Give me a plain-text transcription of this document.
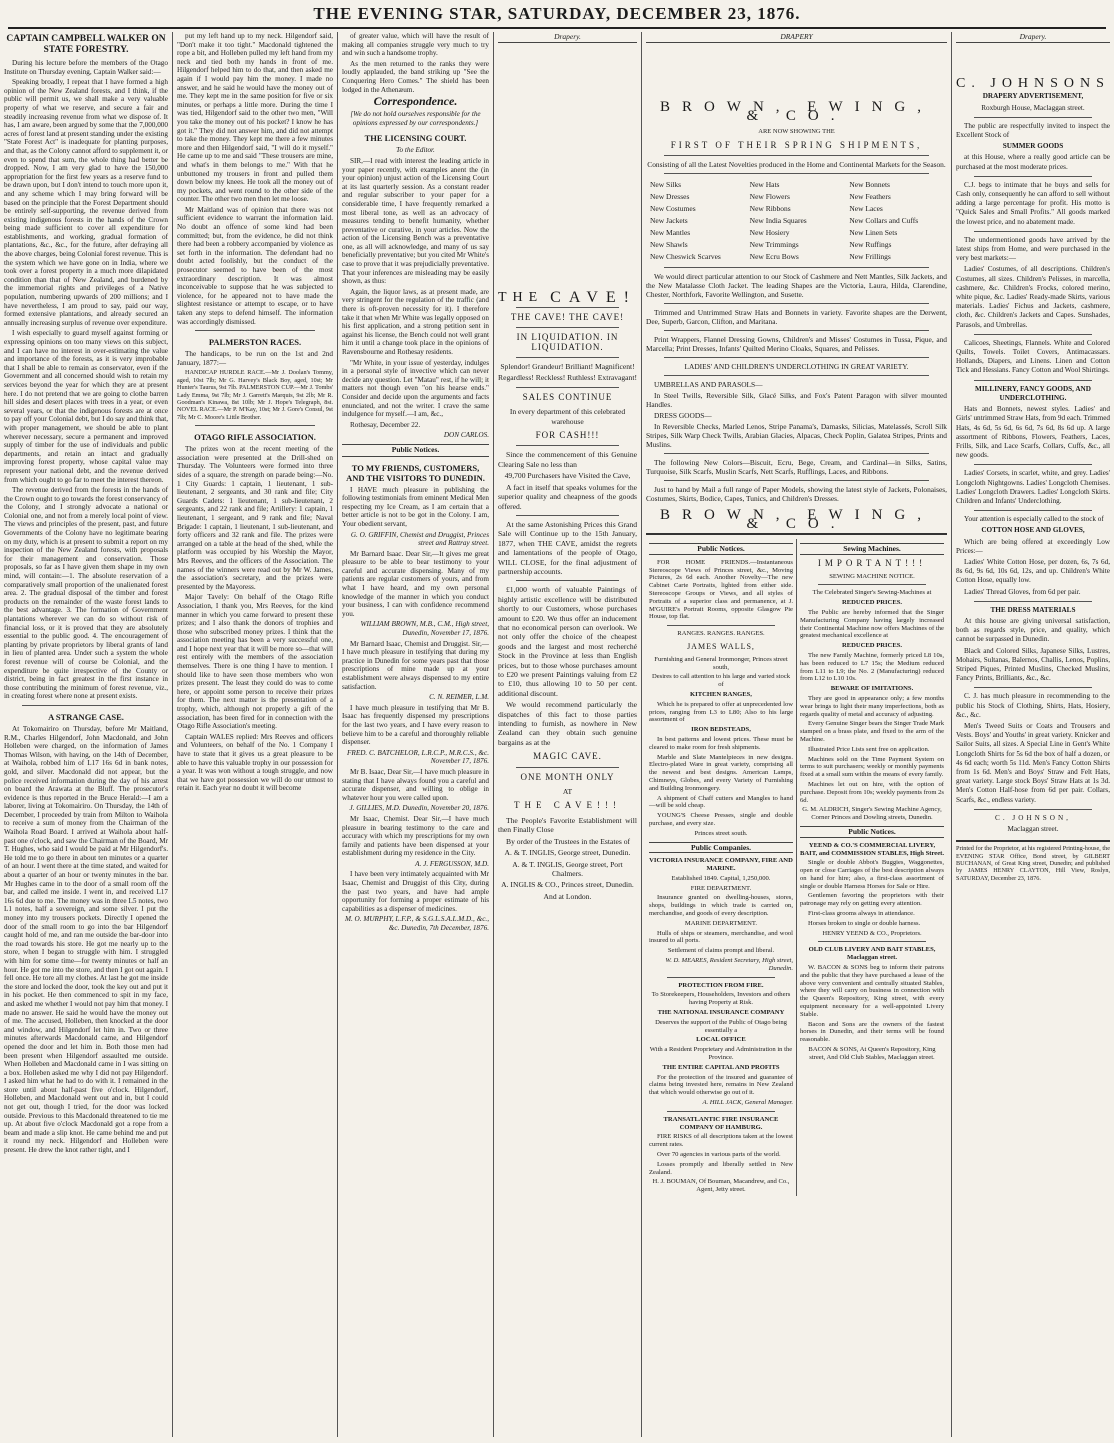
THE EVENING STAR, SATURDAY, DECEMBER 23, 1876.
CAPTAIN CAMPBELL WALKER ON STATE FORESTRY.

During his lecture before the members of the Otago Institute on Thursday evening, Captain Walker said:—

Speaking broadly, I repeat that I have formed a high opinion of the New Zealand forests, and I think, if the public will permit us, we shall make a very valuable property of what we reserve, and secure a fair and steadily increasing revenue from what we dispose of. It has, I am aware, been argued by some that the 7,000,000 acres of forest land at present standing under the existing "State Forest Act" is inadequate for planting purposes, and that, as the Colony cannot afford to supplement it, or even to spend that sum, the whole thing had better be dropped. Now, I am very glad to have the 150,000 appropriation for the first few years as a reserve fund to be drawn upon, but I don't intend to touch more upon it, and any scheme which I may bring forward will be based on the principle that the Forest Department should be entirely self-supporting, the revenue derived from existing indigenous forests in the hands of the Crown being made sufficient to cover all expenditure for establishments, and working, gradual formation of plantations, &c., &c., for the future, after defraying all the above charges, being Colonial forest revenue. This is the system which we have gone on in India, where we took over a forest property in a much more dilapidated condition than that of New Zealand, and burdened by the immemorial rights and privileges of a Native population, numbering upwards of 200 millions; and I have nevertheless, I am proud to say, paid our way, formed extensive plantations, and already secured an annually increasing surplus of revenue over expenditure.

I wish especially to guard myself against forming or expressing opinions on too many views on this subject, and I can have no interest in over-estimating the value and importance of the forests, as it is very improbable that I shall be able to remain as conservator, even if the Government and all concerned should wish to retain my services beyond the year for which they are at present here. I do not pretend that we are going to clothe barren hill sides and desert places with trees in a year, or even several years, or that the indigenous forests are at once to pay off your Colonial debt, but I do say and think that, with proper management, we should be able to plant wherever necessary, secure a permanent and improved supply of timber for the use of individuals and public departments, and retain an intact and gradually improving forest property, whose capital value may represent your national debt, and the revenue derived from which ought to go far to meet the interest thereon.

The revenue derived from the forests in the hands of the Crown ought to go towards the forest conservancy of the Colony, and I strongly advocate a national or Colonial one, and not from a merely local point of view. The views and principles of the present, past, and future Governments of the Colony have no legitimate bearing on my duty, which is at present to submit a report on my inspection of the New Zealand forests, with proposals for their management and conservation. Those proposals, so far as I have given them shape in my own mind, will contain:—1. The absolute reservation of a comparatively small proportion of the unalienated forest area. 2. The gradual disposal of the timber and forest products on the remainder of the waste forest lands to the best advantage. 3. The formation of Government plantations wherever we can do so without risk of financial loss, or it is proved that they are absolutely essential to the public good. 4. The encouragement of planting by private proprietors by liberal grants of land in lieu of planted area. Under such a system the whole forest revenue will of course be Colonial, and the expenditure be quite irrespective of the County or district, being in fact greatest in the first instance in those contributing the minimum of forest revenue, viz., in creating forest where none at present exists.

A STRANGE CASE.

At Tokomairiro on Thursday, before Mr Maitland, R.M., Charles Hilgendorf, John Macdonald, and John Holleben were charged, on the information of James Thomas Wilson, with having, on the 14th of December, at Waihola, robbed him of L17 16s 6d in bank notes, gold, and silver. Macdonald did not appear, but the police received information during the day of his arrest on board the Arawata at the Bluff. The prosecutor's evidence is thus reported in the Bruce Herald:—I am a laborer, living at Tokomairiro. On Thursday, the 14th of December, I proceeded by train from Milton to Waihola to receive a sum of money from the Chairman of the Waihola Road Board. I arrived at Waihola about half-past one o'clock, and saw the Chairman of the Board, Mr T. Hughes, who said I would be paid at Mr Hilgendorf's. He told me to go there in about ten minutes or a quarter of an hour. I went there at the time stated, and waited for about a quarter of an hour or twenty minutes in the bar. Mr Hughes came in to the door of a small room off the bar, and called me inside. I went in, and received L17 16s 6d due to me. The money was in three L5 notes, two L1 notes, half a sovereign, and some silver. I put the money into my trousers pockets. Directly I opened the door of the small room to go into the bar Hilgendorf caught hold of me, and ran me outside the bar-door into the road towards his store. He got me nearly up to the store, when I began to struggle with him. I struggled with him for some time—for twenty minutes or half an hour. He got me into the store, and then I got out again. I fell once. He tore all my clothes. At last he got me inside the store and locked the door, took the key out and put it in his pocket. He then commenced to spit in my face, and asked me whether I would not pay him that money. I made no answer. He said he would have the money out of me. The accused, Holleben, then knocked at the door and window, and Hilgendorf let him in. Two or three minutes afterwards Macdonald came, and Hilgendorf opened the door and let him in. Both those men had been present when Hilgendorf assaulted me outside. When Holleben and Macdonald came in I was sitting on a box. Holleben asked me why I did not pay Hilgendorf. I asked him what he had to do with it. I remained in the store until about half-past five o'clock. Hilgendorf, Holleben, and Macdonald went out and in, but I could not get out, though I tried, for the door was locked outside. Previous to this Macdonald threatened to tie me up. At about five o'clock Macdonald got a rope from a beam and made a slip knot. He came behind me and put it round my neck. Hilgendorf and Holleben were present. He drew the knot rather tight, and I

put my left hand up to my neck. Hilgendorf said, "Don't make it too tight." Macdonald tightened the rope a bit, and Holleben pulled my left hand from my neck and tied both my hands in front of me. Hilgendorf helped him to do that, and then asked me again if I would pay him the money. I made no answer, and he said he would have the money out of me. They kept me in the same position for five or six minutes, or perhaps a little more. During the time I was tied, Hilgendorf said to the other two men, "Will you take the money out of his pocket? I know he has got it." They did not answer him, and did not attempt to take the money. They kept me there a few minutes more and then Hilgendorf said, "I will do it myself." He came up to me and said "These trousers are mine, and what's in them belongs to me." With that he unbuttoned my trousers in front and pulled them down below my knees. He took all the money out of my pockets, and went round to the other side of the counter. The other two men then let me loose.

Mr Maitland was of opinion that there was not sufficient evidence to warrant the information laid. No doubt an offence of some kind had been committed; but, from the evidence, he did not think there had been a robbery accompanied by violence as set forth in the information. The defendant had no doubt acted foolishly, but the conduct of the prosecutor seemed to have been of the most extraordinary description. It was almost inconceivable to suppose that he was subjected to violence, for he appeared not to have made the slightest resistance or attempt to escape, or to have taken any steps to defend himself. The information was accordingly dismissed.

PALMERSTON RACES.

The handicaps, to be run on the 1st and 2nd January, 1877:—

HANDICAP HURDLE RACE.—Mr J. Doolan's Tommy, aged, 10st 7lb; Mr G. Harvey's Black Boy, aged, 10st; Mr Hunter's Taurus, 9st 7lb. PALMERSTON CUP.—Mr J. Tombs' Lady Emma, 9st 7lb; Mr J. Garrett's Marquis, 9st 2lb; Mr R. Goodman's Kinawa, 8st 10lb; Mr J. Hope's Telegraph, 8st. NOVEL RACE.—Mr P. M'Kay, 10st; Mr J. Gore's Consul, 9st 7lb; Mr C. Moore's Little Brother.

OTAGO RIFLE ASSOCIATION.

The prizes won at the recent meeting of the association were presented at the Drill-shed on Thursday. The Volunteers were formed into three sides of a square, the strength on parade being:—No. 1 City Guards: 1 captain, 1 lieutenant, 1 sub-lieutenant, 2 sergeants, and 30 rank and file; City Guards Cadets: 1 lieutenant, 1 sub-lieutenant, 2 sergeants, and 22 rank and file; Artillery: 1 captain, 1 lieutenant, 1 sergeant, and 9 rank and file; Naval Brigade: 1 captain, 1 lieutenant, 1 sub-lieutenant, and forty officers and 32 rank and file. The prizes were arranged on a table at the head of the shed, while the platform was occupied by his Worship the Mayor, Mrs Reeves, and the officers of the Association. The names of the winners were read out by Mr W. James, the association's secretary, and the prizes were presented by the Mayoress.

Major Tavely: On behalf of the Otago Rifle Association, I thank you, Mrs Reeves, for the kind manner in which you came forward to present these prizes; and I also thank the donors of trophies and those who subscribed money prizes. I think that the association meeting has been a very successful one, and I hope next year that it will be more so—that will rest entirely with the members of the association themselves. There is one thing I have to mention. I should like to have seen those members who won prizes present. The least they could do was to come here, or appoint some person to receive their prizes for them. The next matter is the presentation of a trophy, which, although not properly a gift of the association, has been fired for in connection with the Otago Rifle Association's meeting.

Captain WALES replied: Mrs Reeves and officers and Volunteers, on behalf of the No. 1 Company I have to state that it gives us a great pleasure to be able to have this valuable trophy in our possession for a year. It was won without a tough struggle, and now that we have got possession we will do our utmost to retain it. Each year no doubt it will become

of greater value, which will have the result of making all companies struggle very much to try and win such a handsome trophy.

As the men returned to the ranks they were loudly applauded, the band striking up "See the Conquering Hero Comes." The shield has been lodged in the Athenæum.

Correspondence.

[We do not hold ourselves responsible for the opinions expressed by our correspondents.]

THE LICENSING COURT.

To the Editor.

SIR,—I read with interest the leading article in your paper recently, with examples anent the (in your opinion) unjust action of the Licensing Court at its last quarterly session. As a constant reader and regular subscriber to your paper for a considerable time, I have frequently remarked a most liberal tone, as well as an advocacy of measures tending to benefit humanity, whether preventative or curative, in your articles. Now the action of the Licensing Bench was a preventative one, as all will acknowledge, and many of us say beneficially preventative; but you cited Mr White's case to prove that it was prejudicially preventative. That your inferences are misleading may be easily shown, as thus:

Again, the liquor laws, as at present made, are very stringent for the regulation of the traffic (and there is oft-proven necessity for it). I therefore take it that when Mr White was legally opposed on his first application, and a strong petition sent in against his license, the Bench could not well grant him it until a change took place in the opinions of Ravensbourne and Rothesay residents.

"Mr White, in your issue of yesterday, indulges in a personal style of invective which can never decide any question. Let "Matau" rest, if he will; it matters not though even "on his hearse ends." Consider and decide upon the arguments and facts enunciated, and not the writer. I crave the same indulgence for myself.—I am, &c.,

Rothesay, December 22.

DON CARLOS.

Public Notices.
TO MY FRIENDS, CUSTOMERS, AND THE VISITORS TO DUNEDIN.

I HAVE much pleasure in publishing the following testimonials from eminent Medical Men respecting my Ice Cream, as I am certain that a better article is not to be got in the Colony. I am, Your obedient servant,

G. O. GRIFFIN, Chemist and Druggist, Princes street and Rattray street.

Mr Barnard Isaac. Dear Sir,—It gives me great pleasure to be able to bear testimony to your careful and accurate dispensing. Many of my patients are regular customers of yours, and from what I have heard, and my own personal knowledge of the manner in which you conduct your business, I can with confidence recommend you.

WILLIAM BROWN, M.B., C.M., High street, Dunedin, November 17, 1876.

Mr Barnard Isaac, Chemist and Druggist. Sir,—I have much pleasure in testifying that during my practice in Dunedin for some years past that those prescriptions of mine made up at your establishment were always dispensed to my entire satisfaction.

C. N. REIMER, L.M.

I have much pleasure in testifying that Mr B. Isaac has frequently dispensed my prescriptions for the last two years, and I have every reason to believe him to be a careful and thoroughly reliable dispenser.

FRED. C. BATCHELOR, L.R.C.P., M.R.C.S., &c. November 17, 1876.

Mr B. Isaac, Dear Sir,—I have much pleasure in stating that I have always found you a careful and accurate dispenser, and willing to oblige in whatever hour you were called upon.

J. GILLIES, M.D. Dunedin, November 20, 1876.

Mr Isaac, Chemist. Dear Sir,—I have much pleasure in bearing testimony to the care and accuracy with which my prescriptions for my own family and patients have been dispensed at your establishment during my residence in the City.

A. J. FERGUSSON, M.D.

I have been very intimately acquainted with Mr Isaac, Chemist and Druggist of this City, during the past two years, and have had ample opportunity for forming a proper estimate of his capabilities as a dispenser of medicines.

M. O. MURPHY, L.F.P., & S.G.L.S.A.L.M.D., &c., &c. Dunedin, 7th December, 1876.

Drapery.
THE CAVE!

THE CAVE! THE CAVE!

IN LIQUIDATION. IN LIQUIDATION.

Splendor! Grandeur! Brilliant! Magnificent!

Regardless! Reckless! Ruthless! Extravagant!

SALES CONTINUE

In every department of this celebrated warehouse

FOR CASH!!!

Since the commencement of this Genuine Clearing Sale no less than

49,700 Purchasers have Visited the Cave,

A fact in itself that speaks volumes for the superior quality and cheapness of the goods offered.

At the same Astonishing Prices this Grand Sale will Continue up to the 15th January, 1877, when THE CAVE, amidst the regrets and lamentations of the people of Otago, WILL CLOSE, for the final adjustment of partnership accounts.

£1,000 worth of valuable Paintings of highly artistic excellence will be distributed shortly to our Customers, whose purchases amount to £20. We thus offer an inducement that no economical person can overlook. We not only offer the choice of the cheapest goods and the largest and most recherché Stock in the Province at less than English prices, but to those whose purchases amount to £20 we present Paintings valuing from £2 to £10, thus allowing 10 to 50 per cent. additional discount.

We would recommend particularly the dispatches of this fact to those parties intending to furnish, as nowhere in New Zealand can they obtain such genuine bargains as at the

MAGIC CAVE.

ONE MONTH ONLY

AT

THE CAVE!!!

The People's Favorite Establishment will then Finally Close

By order of the Trustees in the Estates of

A. & T. INGLIS, George street, Dunedin.

A. & T. INGLIS, George street, Port Chalmers.

A. INGLIS & CO., Princes street, Dunedin.

And at London.

DRAPERY
BROWN, EWING, & CO.

ARE NOW SHOWING THE

FIRST OF THEIR SPRING SHIPMENTS,

Consisting of all the Latest Novelties produced in the Home and Continental Markets for the Season.

New Silks	New Hats	New Bonnets
New Dresses	New Flowers	New Feathers
New Costumes	New Ribbons	New Laces
New Jackets	New India Squares	New Collars and Cuffs
New Mantles	New Hosiery	New Linen Sets
New Shawls	New Trimmings	New Ruffings
New Cheswick Scarves	New Ecru Bows	New Frillings

We would direct particular attention to our Stock of Cashmere and Nett Mantles, Silk Jackets, and the New Matalasse Cloth Jacket. The leading Shapes are the Victoria, Laura, Hilda, Clarendine, Chester, Northfork, Favorite Wellington, and Susette.

Trimmed and Untrimmed Straw Hats and Bonnets in variety. Favorite shapes are the Derwent, Dee, Superb, Garcon, Clifton, and Maritana.

Print Wrappers, Flannel Dressing Gowns, Children's and Misses' Costumes in Tussa, Pique, and Marcella; Print Dresses, Infants' Quilted Merino Cloaks, Squares, and Pelisses.

LADIES' AND CHILDREN'S UNDERCLOTHING IN GREAT VARIETY.

UMBRELLAS AND PARASOLS—

In Steel Twills, Reversible Silk, Glacé Silks, and Fox's Patent Paragon with silver mounted Handles.

DRESS GOODS—

In Reversible Checks, Marled Lenos, Stripe Panama's, Damasks, Silicias, Matelassés, Scroll Silk Stripes, Silk Warp Check Twills, Arabian Glacies, Alpacas, Check Poplin, Galatea Stripes, Prints and Muslins.

The following New Colors—Biscuit, Ecru, Bege, Cream, and Cardinal—in Silks, Satins, Turquoise, Silk Scarfs, Muslin Scarfs, Nett Scarfs, Rufflings, Laces, and Ribbons.

Just to hand by Mail a full range of Paper Models, showing the latest style of Jackets, Polonaises, Costumes, Skirts, Bodice, Capes, Tunics, and Children's Dresses.

BROWN, EWING, & CO.
Public Notices.

FOR HOME FRIENDS.—Instantaneous Stereoscope Views of Princes street, &c., Moving Pictures, 2s 6d each. Another Novelty—The new Cabinet Carte Portraits, lighted from either side. Stereoscope Groups or Views, and all styles of Portraits of a superior class and permanence, at J. M'GUIRE's Portrait Rooms, opposite Glasgow Pie House, top flat.

RANGES. RANGES. RANGES.

JAMES WALLS,

Furnishing and General Ironmonger, Princes street south,

Desires to call attention to his large and varied stock of

KITCHEN RANGES,

Which he is prepared to offer at unprecedented low prices, ranging from L3 to L80; Also to his large assortment of

IRON BEDSTEADS,

In best patterns and lowest prices. These must be cleared to make room for fresh shipments.

Marble and Slate Mantelpieces in new designs. Electro-plated Ware in great variety, comprising all the newest and best designs. American Lamps, Chimneys, Globes, and every Variety of Furnishing and Building Ironmongery.

A shipment of Chaff cutters and Mangles to hand—will be sold cheap.

YOUNG'S Cheese Presses, single and double purchase, and every size.

Princes street south.

Public Companies.

VICTORIA INSURANCE COMPANY, FIRE AND MARINE.

Established 1849. Capital, 1,250,000.

FIRE DEPARTMENT.

Insurance granted on dwelling-houses, stores, shops, buildings in which trade is carried on, merchandise, and goods of every description.

MARINE DEPARTMENT.

Hulls of ships or steamers, merchandise, and wool insured to all ports.

Settlement of claims prompt and liberal.

W. D. MEARES, Resident Secretary, High street, Dunedin.

PROTECTION FROM FIRE.

To Storekeepers, Householders, Investors and others having Property at Risk.

THE NATIONAL INSURANCE COMPANY

Deserves the support of the Public of Otago being essentially a

LOCAL OFFICE

With a Resident Proprietary and Administration in the Province.

THE ENTIRE CAPITAL AND PROFITS

For the protection of the insured and guarantee of claims being invested here, remains in New Zealand that which would otherwise go out of it.

A. HILL JACK, General Manager.

TRANSATLANTIC FIRE INSURANCE COMPANY OF HAMBURG.

FIRE RISKS of all descriptions taken at the lowest current rates.

Over 70 agencies in various parts of the world.

Losses promptly and liberally settled in New Zealand.

H. J. BOUMAN, Of Bouman, Macandrew, and Co., Agent, Jetty street.

Sewing Machines.

IMPORTANT!!!

SEWING MACHINE NOTICE.

The Celebrated Singer's Sewing-Machines at

REDUCED PRICES.

The Public are hereby informed that the Singer Manufacturing Company having largely increased their Continental Machine now offers Machines of the greatest mechanical excellence at

REDUCED PRICES.

The new Family Machine, formerly priced L8 10s, has been reduced to L7 15s; the Medium reduced from L11 to L9; the No. 2 (Manufacturing) reduced from L12 to L10 10s.

BEWARE OF IMITATIONS.

They are good in appearance only; a few months wear brings to light their many imperfections, both as regards quality of metal and accuracy of adjusting.

Every Genuine Singer bears the Singer Trade Mark stamped on a brass plate, and fixed to the arm of the Machine.

Illustrated Price Lists sent free on application.

Machines sold on the Time Payment System on terms to suit purchasers; weekly or monthly payments fixed at a small sum within the means of every family.

Machines let out on hire, with the option of purchase. Deposit from 10s; weekly payments from 2s 6d.

G. M. ALDRICH, Singer's Sewing Machine Agency, Corner Princes and Dowling streets, Dunedin.

Public Notices.

YEEND & CO.'S COMMERCIAL LIVERY, BAIT, and COMMISSION STABLES, High Street.

Single or double Abbot's Buggies, Waggonettes, open or close Carriages of the best description always on hand for hire; also, a first-class assortment of single or double Harness Horses for Sale or Hire.

Gentlemen favoring the proprietors with their patronage may rely on getting every attention.

First-class grooms always in attendance.

Horses broken to single or double harness.

HENRY YEEND & CO., Proprietors.

OLD CLUB LIVERY AND BAIT STABLES, Maclaggan street.

W. BACON & SONS beg to inform their patrons and the public that they have purchased a lease of the above very convenient and centrally situated Stables, where they will carry on business in connection with the Queen's Repository, King street, with every equipment necessary for a well-appointed Livery Stable.

Bacon and Sons are the owners of the fastest horses in Dunedin, and their terms will be found reasonable.

BACON & SONS, At Queen's Repository, King street, And Old Club Stables, Maclaggan street.

Drapery.
C. JOHNSONS

DRAPERY ADVERTISEMENT,

Roxburgh House, Maclaggan street.

The public are respectfully invited to inspect the Excellent Stock of

SUMMER GOODS

at this House, where a really good article can be purchased at the most moderate prices.

C.J. begs to intimate that he buys and sells for Cash only, consequently he can afford to sell without adding a large percentage for profit. His motto is "Quick Sales and Small Profits." All goods marked the lowest price, and no abatement made.

The undermentioned goods have arrived by the latest ships from Home, and were purchased in the very best markets:—

Ladies' Costumes, of all descriptions. Children's Costumes, all sizes. Children's Pelisses, in marcella, cashmere, &c. Children's Frocks, colored merino, white pique, &c. Ladies' Ready-made Skirts, various materials. Ladies' Fichus and Jackets, cashmere, cloth, &c. Children's Jackets and Capes. Sunshades, Parasols, and Umbrellas.

Calicoes, Sheetings, Flannels. White and Colored Quilts, Towels. Toilet Covers, Antimacassars. Hollands, Diapers, and Linens. Linen and Cotton Tick and Hessians. Fancy Cotton and Wool Shirtings.

MILLINERY, FANCY GOODS, AND UNDERCLOTHING.

Hats and Bonnets, newest styles. Ladies' and Girls' untrimmed Straw Hats, from 9d each. Trimmed Hats, 4s 6d, 5s 6d, 6s 6d, 7s 6d, 8s 6d up. A large assortment of Ribbons, Flowers, Feathers, Laces, Frills, Silk, and Lace Scarfs, Collars, Cuffs, &c., all new goods.

Ladies' Corsets, in scarlet, white, and grey. Ladies' Longcloth Nightgowns. Ladies' Longcloth Chemises. Ladies' Longcloth Drawers. Ladies' Longcloth Skirts. Children and Infants' Underclothing.

Your attention is especially called to the stock of

COTTON HOSE AND GLOVES,

Which are being offered at exceedingly Low Prices:—

Ladies' White Cotton Hose, per dozen, 6s, 7s 6d, 8s 6d, 9s 6d, 10s 6d, 12s, and up. Children's White Cotton Hose, equally low.

Ladies' Thread Gloves, from 6d per pair.

THE DRESS MATERIALS

At this house are giving universal satisfaction, both as regards style, price, and quality, which cannot be surpassed in Dunedin.

Black and Colored Silks, Japanese Silks, Lustres, Mohairs, Sultanas, Balernos, Challis, Lenos, Poplins, Striped Piques, Printed Muslins, Checked Muslins, Fancy Prints, Brilliants, &c., &c.

C. J. has much pleasure in recommending to the public his Stock of Clothing, Shirts, Hats, Hosiery, &c., &c.

Men's Tweed Suits or Coats and Trousers and Vests. Boys' and Youths' in great variety. Knicker and Sailor Suits, all sizes. A Special Line in Gent's White Longcloth Shirts for 5s 6d the box of half a dozen, or 4s 6d each; worth 5s 11d. Men's Fancy Cotton Shirts from 1s 6d. Men's and Boys' Straw and Felt Hats, great variety. Large stock Boys' Straw Hats at 1s 3d. Men's Cotton Half-hose from 6d per pair. Collars, Scarfs, &c., endless variety.

C. JOHNSON,

Maclaggan street.

Printed for the Proprietor, at his registered Printing-house, the EVENING STAR Office, Bond street, by GILBERT BUCHANAN, of Great King street, Dunedin; and published by JAMES HENRY CLAYTON, Hill View, Roslyn, SATURDAY, December 23, 1876.
